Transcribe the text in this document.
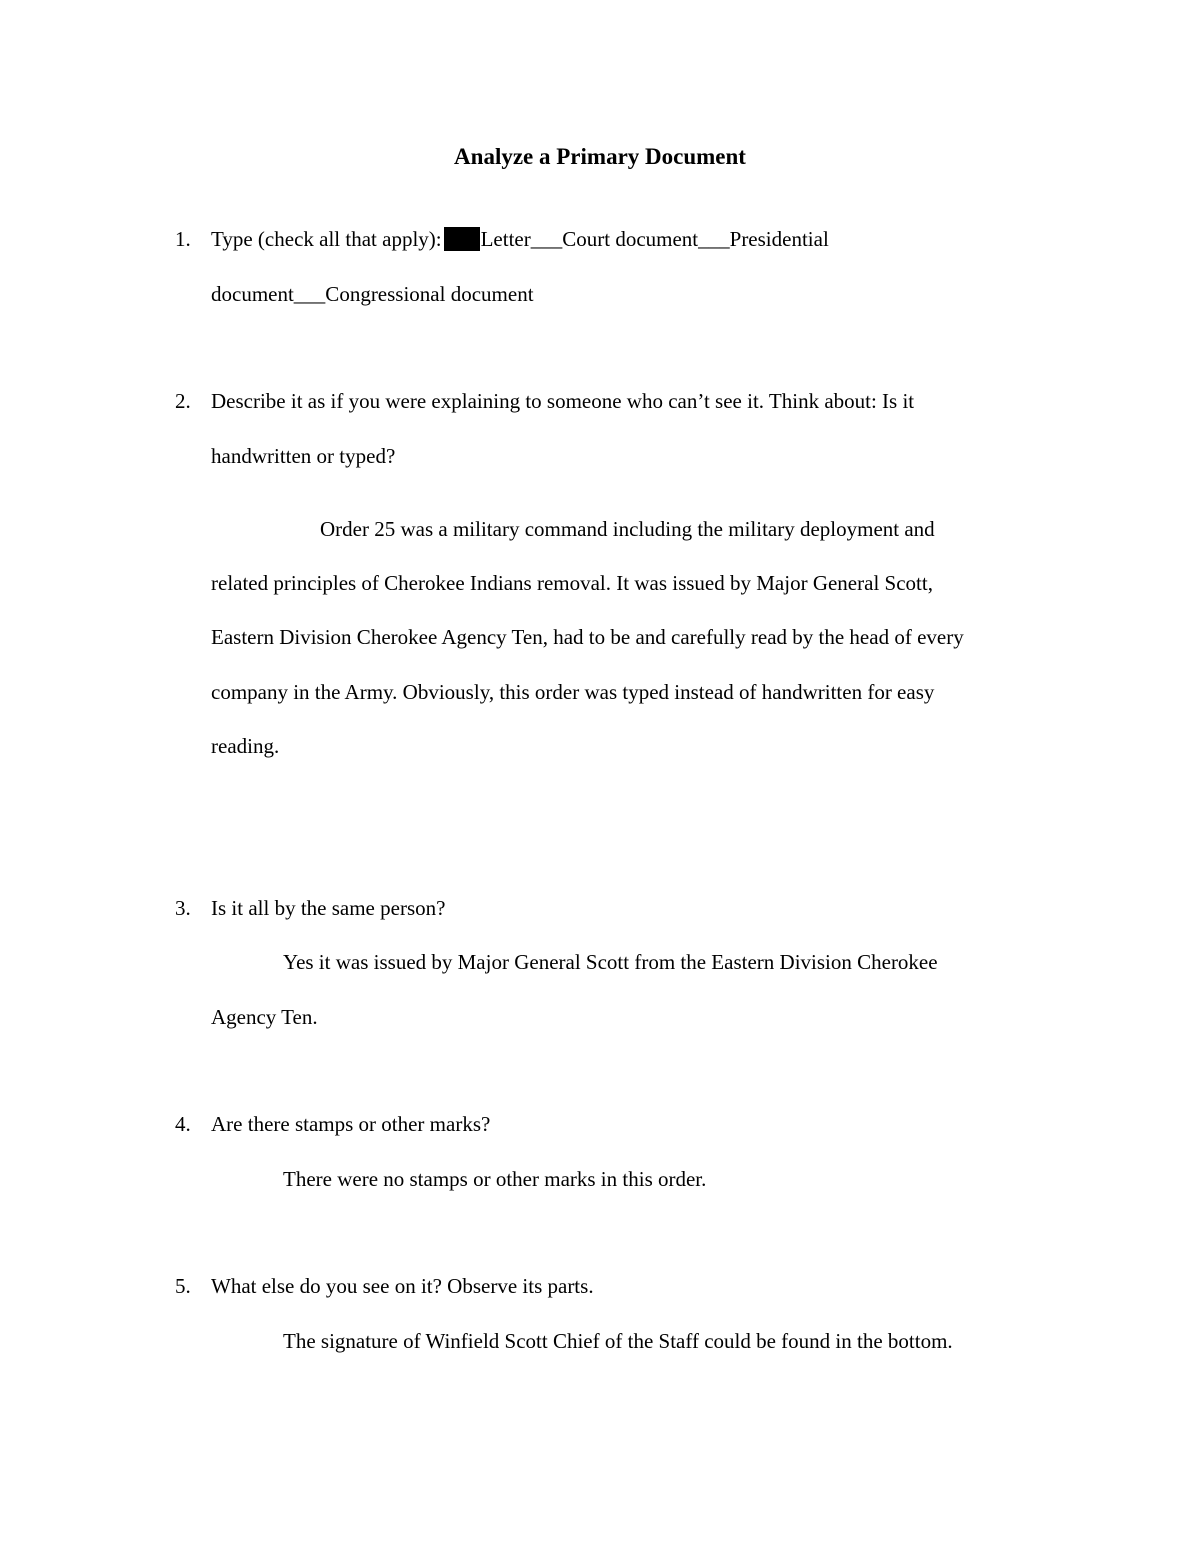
Analyze a Primary Document
1. Type (check all that apply): Letter___Court document___Presidential
document___Congressional document
2. Describe it as if you were explaining to someone who can’t see it. Think about: Is it
handwritten or typed?
Order 25 was a military command including the military deployment and
related principles of Cherokee Indians removal. It was issued by Major General Scott,
Eastern Division Cherokee Agency Ten, had to be and carefully read by the head of every
company in the Army. Obviously, this order was typed instead of handwritten for easy
reading.
3. Is it all by the same person?
Yes it was issued by Major General Scott from the Eastern Division Cherokee
Agency Ten.
4. Are there stamps or other marks?
There were no stamps or other marks in this order.
5. What else do you see on it? Observe its parts.
The signature of Winfield Scott Chief of the Staff could be found in the bottom.
